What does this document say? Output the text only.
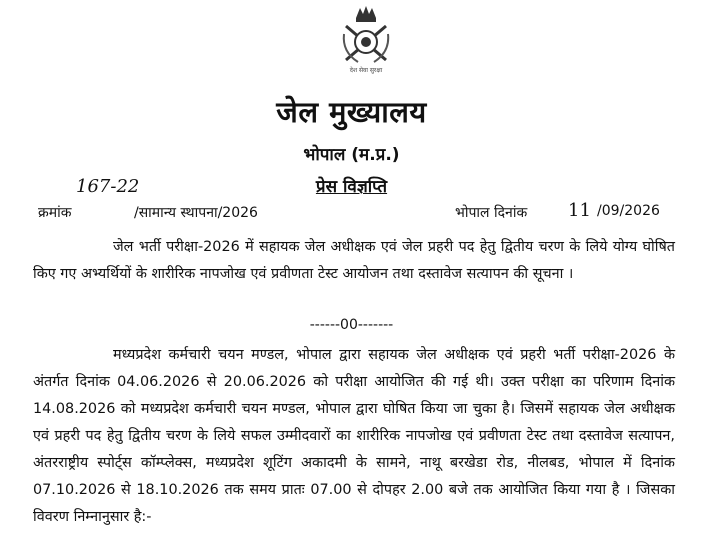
देश सेवा सुरक्षा
जेल मुख्यालय
भोपाल (म.प्र.)
प्रेस विज्ञप्ति
167-22
क्रमांक	/सामान्य स्थापना/2026	भोपाल दिनांक 11 /09/2026
जेल भर्ती परीक्षा-2026 में सहायक जेल अधीक्षक एवं जेल प्रहरी पद हेतु द्वितीय चरण के लिये योग्य घोषित किए गए अभ्यर्थियों के शारीरिक नापजोख एवं प्रवीणता टेस्ट आयोजन तथा दस्तावेज सत्यापन की सूचना ।
------00-------
मध्यप्रदेश कर्मचारी चयन मण्डल, भोपाल द्वारा सहायक जेल अधीक्षक एवं प्रहरी भर्ती परीक्षा-2026 के अंतर्गत दिनांक 04.06.2026 से 20.06.2026 को परीक्षा आयोजित की गई थी। उक्त परीक्षा का परिणाम दिनांक 14.08.2026 को मध्यप्रदेश कर्मचारी चयन मण्डल, भोपाल द्वारा घोषित किया जा चुका है। जिसमें सहायक जेल अधीक्षक एवं प्रहरी पद हेतु द्वितीय चरण के लिये सफल उम्मीदवारों का शारीरिक नापजोख एवं प्रवीणता टेस्ट तथा दस्तावेज सत्यापन, अंतरराष्ट्रीय स्पोर्ट्स कॉम्प्लेक्स, मध्यप्रदेश शूटिंग अकादमी के सामने, नाथू बरखेडा रोड, नीलबड, भोपाल में दिनांक 07.10.2026 से 18.10.2026 तक समय प्रातः 07.00 से दोपहर 2.00 बजे तक आयोजित किया गया है । जिसका विवरण निम्नानुसार है:-
